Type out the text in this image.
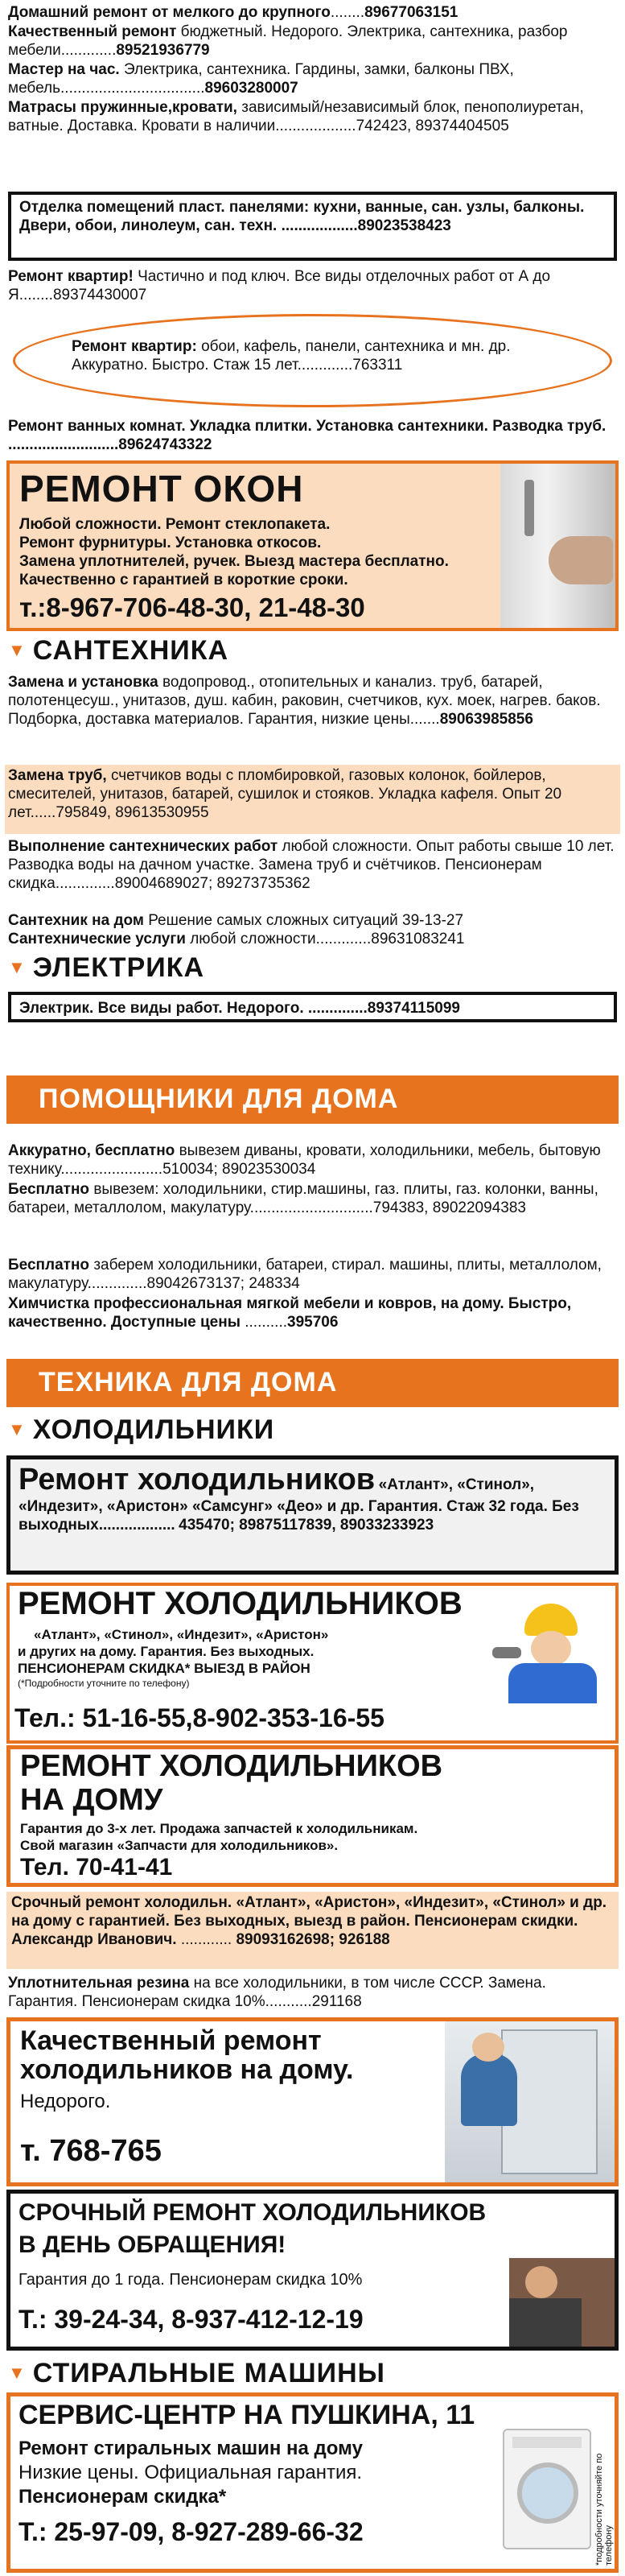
Домашний ремонт от мелкого до крупного........89677063151
Качественный ремонт бюджетный. Недорого. Электрика, сантехника, разбор мебели.............89521936779
Мастер на час. Электрика, сантехника. Гардины, замки, балконы ПВХ, мебель..................................89603280007
Матрасы пружинные,кровати, зависимый/независимый блок, пенополиуретан, ватные. Доставка. Кровати в наличии...................742423, 89374404505
Отделка помещений пласт. панелями: кухни, ванные, сан. узлы, балконы. Двери, обои, линолеум, сан. техн. ..................89023538423
Ремонт квартир! Частично и под ключ. Все виды отделочных работ от А до Я........89374430007
Ремонт квартир: обои, кафель, панели, сантехника и мн. др. Аккуратно. Быстро. Стаж 15 лет.............763311
Ремонт ванных комнат. Укладка плитки. Установка сантехники. Разводка труб. ..........................89624743322
РЕМОНТ ОКОН
Любой сложности. Ремонт стеклопакета.
Ремонт фурнитуры. Установка откосов.
Замена уплотнителей, ручек. Выезд мастера бесплатно.
Качественно с гарантией в короткие сроки.
т.:8-967-706-48-30, 21-48-30
▼ САНТЕХНИКА
Замена и установка водопровод., отопительных и канализ. труб, батарей, полотенцесуш., унитазов, душ. кабин, раковин, счетчиков, кух. моек, нагрев. баков. Подборка, доставка материалов. Гарантия, низкие цены.......89063985856
Замена труб, счетчиков воды с пломбировкой, газовых колонок, бойлеров, смесителей, унитазов, батарей, сушилок и стояков. Укладка кафеля. Опыт 20 лет......795849, 89613530955
Выполнение сантехнических работ любой сложности. Опыт работы свыше 10 лет. Разводка воды на дачном участке. Замена труб и счётчиков. Пенсионерам скидка..............89004689027; 89273735362
Сантехник на дом Решение самых сложных ситуаций 39-13-27
Сантехнические услуги любой сложности.............89631083241
▼ ЭЛЕКТРИКА
Электрик. Все виды работ. Недорого. ..............89374115099
ПОМОЩНИКИ ДЛЯ ДОМА
Аккуратно, бесплатно вывезем диваны, кровати, холодильники, мебель, бытовую технику........................510034; 89023530034
Бесплатно вывезем: холодильники, стир.машины, газ. плиты, газ. колонки, ванны, батареи, металлолом, макулатуру.............................794383, 89022094383
Бесплатно заберем холодильники, батареи, стирал. машины, плиты, металлолом, макулатуру..............89042673137; 248334
Химчистка профессиональная мягкой мебели и ковров, на дому. Быстро, качественно. Доступные цены ..........395706
ТЕХНИКА ДЛЯ ДОМА
▼ ХОЛОДИЛЬНИКИ
Ремонт холодильников «Атлант», «Стинол», «Индезит», «Аристон» «Самсунг» «Део» и др. Гарантия. Стаж 32 года. Без выходных.................. 435470; 89875117839, 89033233923
РЕМОНТ ХОЛОДИЛЬНИКОВ
«Атлант», «Стинол», «Индезит», «Аристон»
и других на дому. Гарантия. Без выходных.
ПЕНСИОНЕРАМ СКИДКА* ВЫЕЗД В РАЙОН
(*Подробности уточните по телефону)
Тел.: 51-16-55,8-902-353-16-55
РЕМОНТ ХОЛОДИЛЬНИКОВ НА ДОМУ
Гарантия до 3-х лет. Продажа запчастей к холодильникам.
Свой магазин «Запчасти для холодильников».
Тел. 70-41-41
Срочный ремонт холодильн. «Атлант», «Аристон», «Индезит», «Стинол» и др. на дому с гарантией. Без выходных, выезд в район. Пенсионерам скидки. Александр Иванович. ............ 89093162698; 926188
Уплотнительная резина на все холодильники, в том числе СССР. Замена. Гарантия. Пенсионерам скидка 10%...........291168
Качественный ремонт холодильников на дому. Недорого.
т. 768-765
СРОЧНЫЙ РЕМОНТ ХОЛОДИЛЬНИКОВ В ДЕНЬ ОБРАЩЕНИЯ!
Гарантия до 1 года. Пенсионерам скидка 10%
Т.: 39-24-34, 8-937-412-12-19
▼ СТИРАЛЬНЫЕ МАШИНЫ
СЕРВИС-ЦЕНТР НА ПУШКИНА, 11
Ремонт стиральных машин на дому
Низкие цены. Официальная гарантия.
Пенсионерам скидка*
Т.: 25-97-09, 8-927-289-66-32	*подробности уточняйте по телефону
